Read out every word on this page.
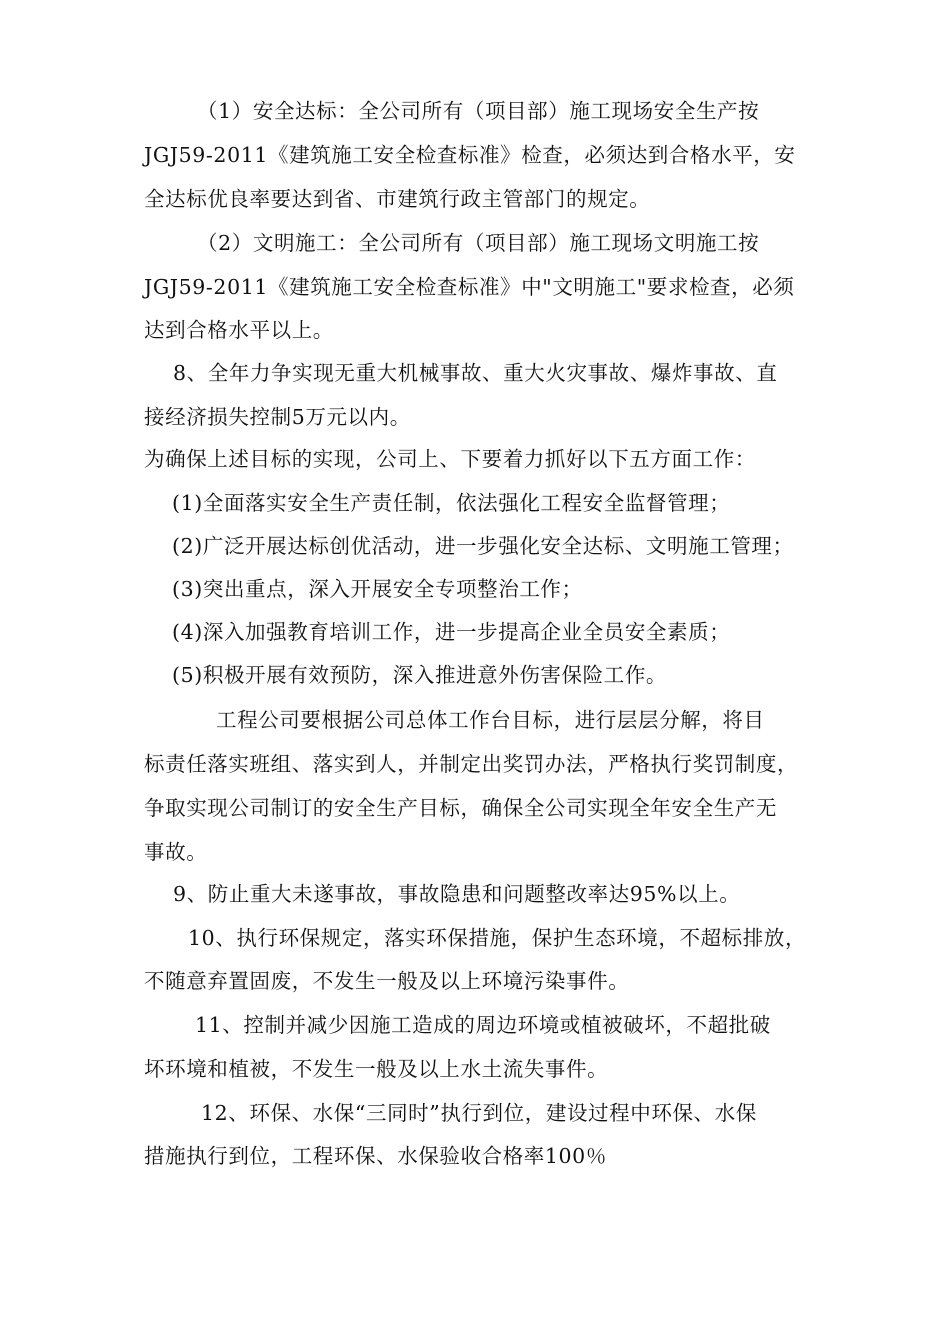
（1）安全达标：全公司所有（项目部）施工现场安全生产按
JGJ59-2011《建筑施工安全检查标准》检查，必须达到合格水平，安
全达标优良率要达到省、市建筑行政主管部门的规定。
（2）文明施工：全公司所有（项目部）施工现场文明施工按
JGJ59-2011《建筑施工安全检查标准》中"文明施工"要求检查，必须
达到合格水平以上。
8、全年力争实现无重大机械事故、重大火灾事故、爆炸事故、直
接经济损失控制5万元以内。
为确保上述目标的实现，公司上、下要着力抓好以下五方面工作：
(1)全面落实安全生产责任制，依法强化工程安全监督管理；
(2)广泛开展达标创优活动，进一步强化安全达标、文明施工管理；
(3)突出重点，深入开展安全专项整治工作；
(4)深入加强教育培训工作，进一步提高企业全员安全素质；
(5)积极开展有效预防，深入推进意外伤害保险工作。
工程公司要根据公司总体工作台目标，进行层层分解，将目
标责任落实班组、落实到人，并制定出奖罚办法，严格执行奖罚制度，
争取实现公司制订的安全生产目标，确保全公司实现全年安全生产无
事故。
9、防止重大未遂事故，事故隐患和问题整改率达95%以上。
10、执行环保规定，落实环保措施，保护生态环境，不超标排放，
不随意弃置固废，不发生一般及以上环境污染事件。
11、控制并减少因施工造成的周边环境或植被破坏，不超批破
坏环境和植被，不发生一般及以上水土流失事件。
12、环保、水保“三同时”执行到位，建设过程中环保、水保
措施执行到位，工程环保、水保验收合格率100％
